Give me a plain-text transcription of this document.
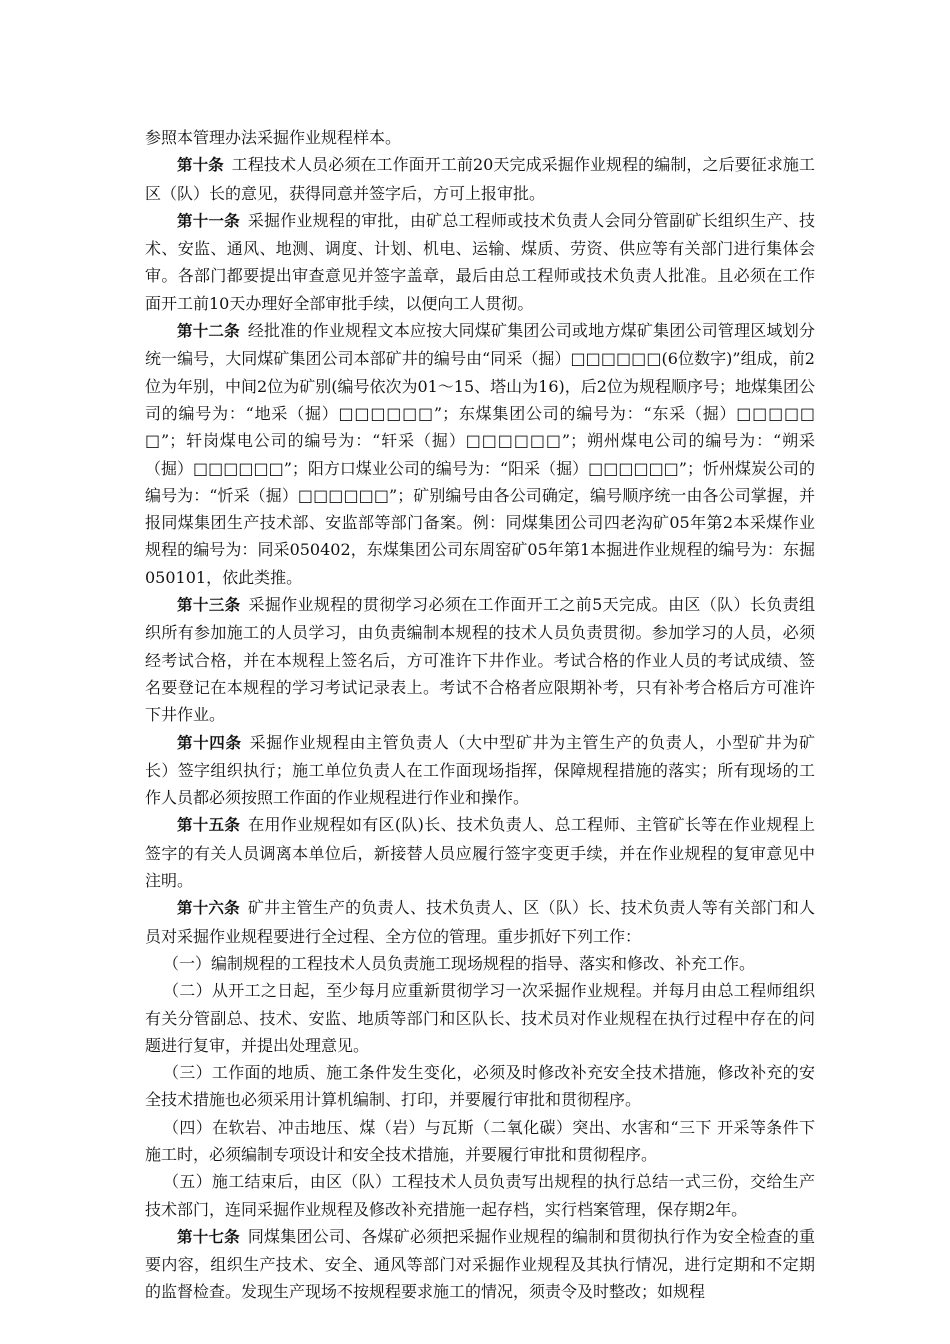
参照本管理办法采掘作业规程样本。

第十条 工程技术人员必须在工作面开工前20天完成采掘作业规程的编制，之后要征求施工区（队）长的意见，获得同意并签字后，方可上报审批。

第十一条 采掘作业规程的审批，由矿总工程师或技术负责人会同分管副矿长组织生产、技术、安监、通风、地测、调度、计划、机电、运输、煤质、劳资、供应等有关部门进行集体会审。各部门都要提出审查意见并签字盖章，最后由总工程师或技术负责人批准。且必须在工作面开工前10天办理好全部审批手续，以便向工人贯彻。

第十二条 经批准的作业规程文本应按大同煤矿集团公司或地方煤矿集团公司管理区域划分统一编号，大同煤矿集团公司本部矿井的编号由“同采（掘）□□□□□□(6位数字)”组成，前2位为年别，中间2位为矿别(编号依次为01～15、塔山为16)，后2位为规程顺序号；地煤集团公司的编号为：“地采（掘）□□□□□□”；东煤集团公司的编号为：“东采（掘）□□□□□□”；轩岗煤电公司的编号为：“轩采（掘）□□□□□□”；朔州煤电公司的编号为：“朔采（掘）□□□□□□”；阳方口煤业公司的编号为：“阳采（掘）□□□□□□”；忻州煤炭公司的编号为：“忻采（掘）□□□□□□”；矿别编号由各公司确定，编号顺序统一由各公司掌握，并报同煤集团生产技术部、安监部等部门备案。例：同煤集团公司四老沟矿05年第2本采煤作业规程的编号为：同采050402，东煤集团公司东周窑矿05年第1本掘进作业规程的编号为：东掘050101，依此类推。

第十三条 采掘作业规程的贯彻学习必须在工作面开工之前5天完成。由区（队）长负责组织所有参加施工的人员学习，由负责编制本规程的技术人员负责贯彻。参加学习的人员，必须经考试合格，并在本规程上签名后，方可准许下井作业。考试合格的作业人员的考试成绩、签名要登记在本规程的学习考试记录表上。考试不合格者应限期补考，只有补考合格后方可准许下井作业。

第十四条 采掘作业规程由主管负责人（大中型矿井为主管生产的负责人，小型矿井为矿长）签字组织执行；施工单位负责人在工作面现场指挥，保障规程措施的落实；所有现场的工作人员都必须按照工作面的作业规程进行作业和操作。

第十五条 在用作业规程如有区(队)长、技术负责人、总工程师、主管矿长等在作业规程上签字的有关人员调离本单位后，新接替人员应履行签字变更手续，并在作业规程的复审意见中注明。

第十六条 矿井主管生产的负责人、技术负责人、区（队）长、技术负责人等有关部门和人员对采掘作业规程要进行全过程、全方位的管理。重步抓好下列工作：

（一）编制规程的工程技术人员负责施工现场规程的指导、落实和修改、补充工作。

（二）从开工之日起，至少每月应重新贯彻学习一次采掘作业规程。并每月由总工程师组织有关分管副总、技术、安监、地质等部门和区队长、技术员对作业规程在执行过程中存在的问题进行复审，并提出处理意见。

（三）工作面的地质、施工条件发生变化，必须及时修改补充安全技术措施，修改补充的安全技术措施也必须采用计算机编制、打印，并要履行审批和贯彻程序。

（四）在软岩、冲击地压、煤（岩）与瓦斯（二氧化碳）突出、水害和“三下 开采等条件下施工时，必须编制专项设计和安全技术措施，并要履行审批和贯彻程序。

（五）施工结束后，由区（队）工程技术人员负责写出规程的执行总结一式三份，交给生产技术部门，连同采掘作业规程及修改补充措施一起存档，实行档案管理，保存期2年。

第十七条 同煤集团公司、各煤矿必须把采掘作业规程的编制和贯彻执行作为安全检查的重要内容，组织生产技术、安全、通风等部门对采掘作业规程及其执行情况，进行定期和不定期的监督检查。发现生产现场不按规程要求施工的情况，须责令及时整改；如规程
